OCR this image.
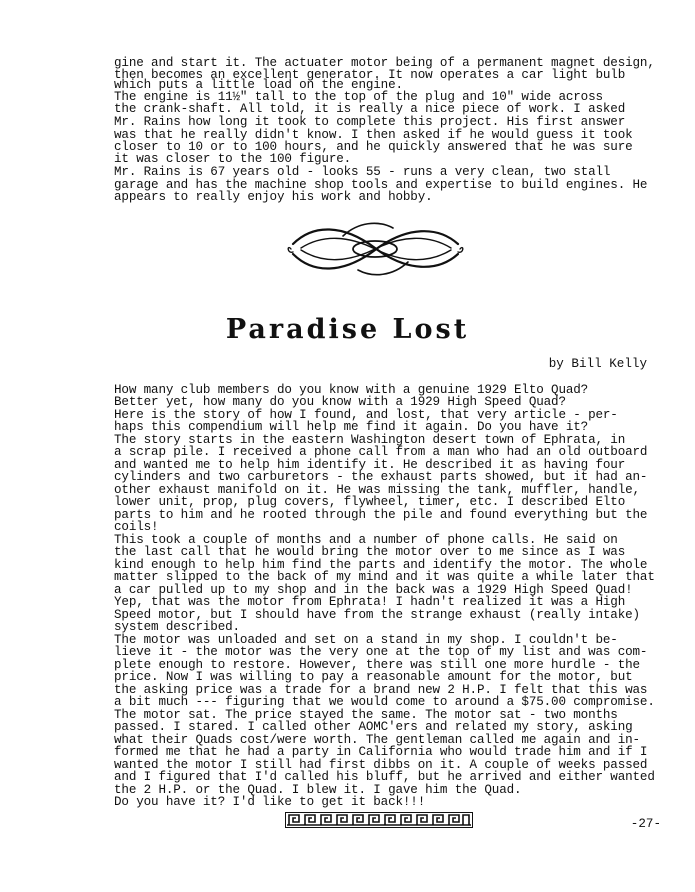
gine and start it. The actuater motor being of a permanent magnet design,
then becomes an excellent generator. It now operates a car light bulb
which puts a little load on the engine.
The engine is 11½" tall to the top of the plug and 10" wide across
the crank-shaft. All told, it is really a nice piece of work. I asked
Mr. Rains how long it took to complete this project. His first answer
was that he really didn't know. I then asked if he would guess it took
closer to 10 or to 100 hours, and he quickly answered that he was sure
it was closer to the 100 figure.
Mr. Rains is 67 years old - looks 55 - runs a very clean, two stall
garage and has the machine shop tools and expertise to build engines. He
appears to really enjoy his work and hobby.
Paradise Lost
by Bill Kelly
How many club members do you know with a genuine 1929 Elto Quad?
Better yet, how many do you know with a 1929 High Speed Quad?
Here is the story of how I found, and lost, that very article - per-
haps this compendium will help me find it again. Do you have it?
The story starts in the eastern Washington desert town of Ephrata, in
a scrap pile. I received a phone call from a man who had an old outboard
and wanted me to help him identify it. He described it as having four
cylinders and two carburetors - the exhaust parts showed, but it had an-
other exhaust manifold on it. He was missing the tank, muffler, handle,
lower unit, prop, plug covers, flywheel, timer, etc. I described Elto
parts to him and he rooted through the pile and found everything but the
coils!
This took a couple of months and a number of phone calls. He said on
the last call that he would bring the motor over to me since as I was
kind enough to help him find the parts and identify the motor. The whole
matter slipped to the back of my mind and it was quite a while later that
a car pulled up to my shop and in the back was a 1929 High Speed Quad!
Yep, that was the motor from Ephrata! I hadn't realized it was a High
Speed motor, but I should have from the strange exhaust (really intake)
system described.
The motor was unloaded and set on a stand in my shop. I couldn't be-
lieve it - the motor was the very one at the top of my list and was com-
plete enough to restore. However, there was still one more hurdle - the
price. Now I was willing to pay a reasonable amount for the motor, but
the asking price was a trade for a brand new 2 H.P. I felt that this was
a bit much --- figuring that we would come to around a $75.00 compromise.
The motor sat. The price stayed the same. The motor sat - two months
passed. I stared. I called other AOMC'ers and related my story, asking
what their Quads cost/were worth. The gentleman called me again and in-
formed me that he had a party in California who would trade him and if I
wanted the motor I still had first dibbs on it. A couple of weeks passed
and I figured that I'd called his bluff, but he arrived and either wanted
the 2 H.P. or the Quad. I blew it. I gave him the Quad.
Do you have it? I'd like to get it back!!!
-27-
